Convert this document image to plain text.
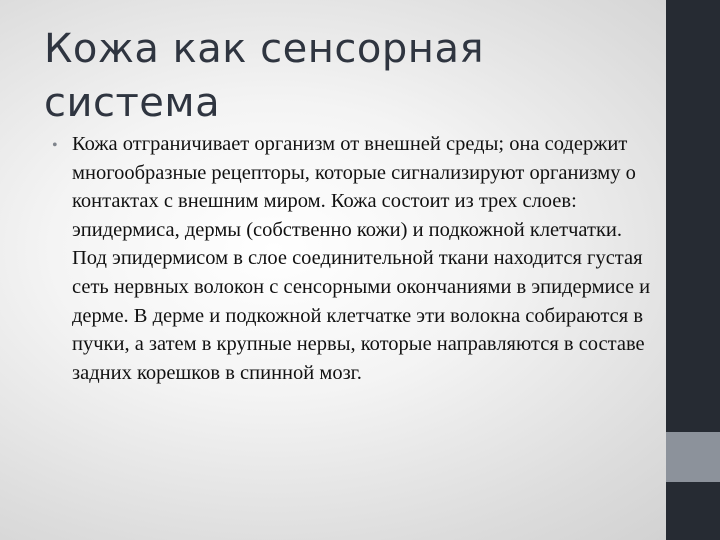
Кожа как сенсорная система
• Кожа отграничивает организм от внешней среды; она содержит многообразные рецепторы, которые сигнализируют организму о контактах с внешним миром. Кожа состоит из трех слоев: эпидермиса, дермы (собственно кожи) и подкожной клетчатки. Под эпидермисом в слое соединительной ткани находится густая сеть нервных волокон с сенсорными окончаниями в эпидермисе и дерме. В дерме и подкожной клетчатке эти волокна собираются в пучки, а затем в крупные нервы, которые направляются в составе задних корешков в спинной мозг.
